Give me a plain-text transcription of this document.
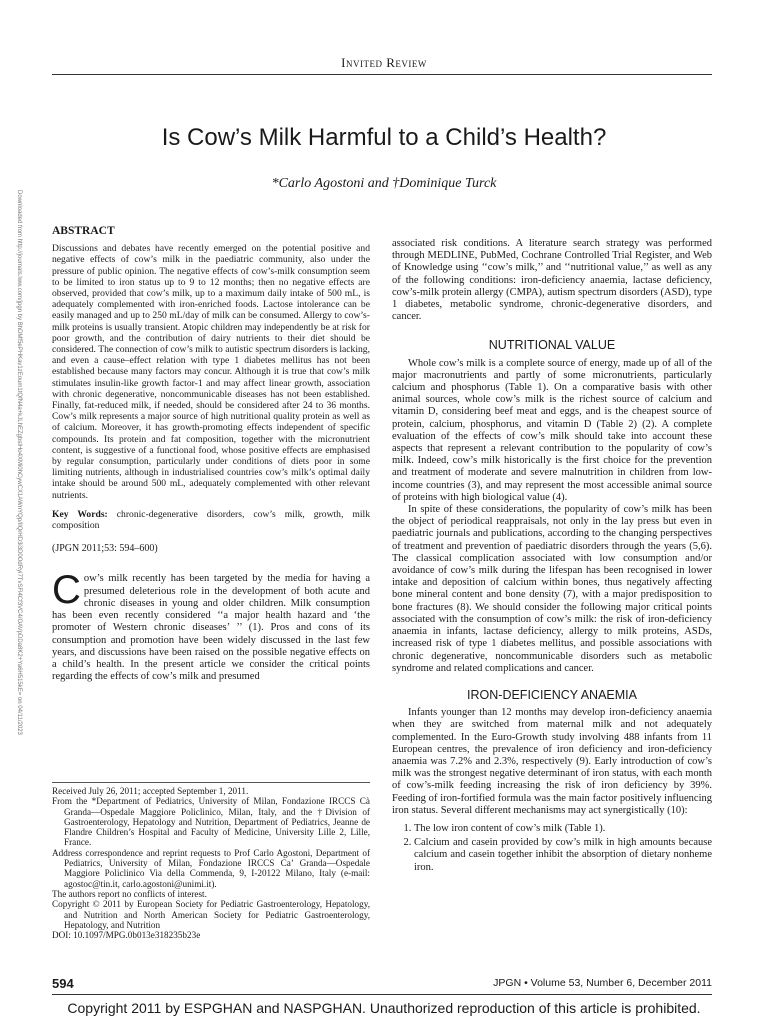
Invited Review
Is Cow’s Milk Harmful to a Child’s Health?
*Carlo Agostoni and †Dominique Turck
Downloaded from http://journals.lww.com/jpgn by BhDMf5ePHKav1zEoum1tQfN4a+kJLhEZgbsIHo4XMi0hCywCX1AWnYQp/IlQrHD3i3D0OdRyi7TvSFl4Cf3VC4/OAVpDDa8K2+Ya6H515kE= on 04/11/2023	ABSTRACT

Discussions and debates have recently emerged on the potential positive and negative effects of cow’s milk in the paediatric community, also under the pressure of public opinion. The negative effects of cow’s-milk consumption seem to be limited to iron status up to 9 to 12 months; then no negative effects are observed, provided that cow’s milk, up to a maximum daily intake of 500 mL, is adequately complemented with iron-enriched foods. Lactose intolerance can be easily managed and up to 250 mL/day of milk can be consumed. Allergy to cow’s-milk proteins is usually transient. Atopic children may independently be at risk for poor growth, and the contribution of dairy nutrients to their diet should be considered. The connection of cow’s milk to autistic spectrum disorders is lacking, and even a cause–effect relation with type 1 diabetes mellitus has not been established because many factors may concur. Although it is true that cow’s milk stimulates insulin-like growth factor-1 and may affect linear growth, association with chronic degenerative, noncommunicable diseases has not been established. Finally, fat-reduced milk, if needed, should be considered after 24 to 36 months. Cow’s milk represents a major source of high nutritional quality protein as well as of calcium. Moreover, it has growth-promoting effects independent of specific compounds. Its protein and fat composition, together with the micronutrient content, is suggestive of a functional food, whose positive effects are emphasised by regular consumption, particularly under conditions of diets poor in some limiting nutrients, although in industrialised countries cow’s milk’s optimal daily intake should be around 500 mL, adequately complemented with other relevant nutrients.

Key Words: chronic-degenerative disorders, cow’s milk, growth, milk composition

(JPGN 2011;53: 594–600)

Cow’s milk recently has been targeted by the media for having a presumed deleterious role in the development of both acute and chronic diseases in young and older children. Milk consumption has been even recently considered ‘‘a major health hazard and ‘the promoter of Western chronic diseases’ ’’ (1). Pros and cons of its consumption and promotion have been widely discussed in the last few years, and discussions have been raised on the possible negative effects on a child’s health. In the present article we consider the critical points regarding the effects of cow’s milk and presumed

Received July 26, 2011; accepted September 1, 2011.

From the *Department of Pediatrics, University of Milan, Fondazione IRCCS Cà Granda—Ospedale Maggiore Policlinico, Milan, Italy, and the †Division of Gastroenterology, Hepatology and Nutrition, Department of Pediatrics, Jeanne de Flandre Children’s Hospital and Faculty of Medicine, University Lille 2, Lille, France.

Address correspondence and reprint requests to Prof Carlo Agostoni, Department of Pediatrics, University of Milan, Fondazione IRCCS Ca’ Granda—Ospedale Maggiore Policlinico Via della Commenda, 9, I-20122 Milano, Italy (e-mail: agostoc@tin.it, carlo.agostoni@unimi.it).

The authors report no conflicts of interest.

Copyright © 2011 by European Society for Pediatric Gastroenterology, Hepatology, and Nutrition and North American Society for Pediatric Gastroenterology, Hepatology, and Nutrition

DOI: 10.1097/MPG.0b013e318235b23e

associated risk conditions. A literature search strategy was performed through MEDLINE, PubMed, Cochrane Controlled Trial Register, and Web of Knowledge using ‘‘cow’s milk,’’ and ‘‘nutritional value,’’ as well as any of the following conditions: iron-deficiency anaemia, lactase deficiency, cow’s-milk protein allergy (CMPA), autism spectrum disorders (ASD), type 1 diabetes, metabolic syndrome, chronic-degenerative disorders, and cancer.

NUTRITIONAL VALUE

Whole cow’s milk is a complete source of energy, made up of all of the major macronutrients and partly of some micronutrients, particularly calcium and phosphorus (Table 1). On a comparative basis with other animal sources, whole cow’s milk is the richest source of calcium and vitamin D, considering beef meat and eggs, and is the cheapest source of protein, calcium, phosphorus, and vitamin D (Table 2) (2). A complete evaluation of the effects of cow’s milk should take into account these aspects that represent a relevant contribution to the popularity of cow’s milk. Indeed, cow’s milk historically is the first choice for the prevention and treatment of moderate and severe malnutrition in children from low-income countries (3), and may represent the most accessible animal source of proteins with high biological value (4).

In spite of these considerations, the popularity of cow’s milk has been the object of periodical reappraisals, not only in the lay press but even in paediatric journals and publications, according to the changing perspectives of treatment and prevention of paediatric disorders through the years (5,6). The classical complication associated with low consumption and/or avoidance of cow’s milk during the lifespan has been recognised in lower intake and deposition of calcium within bones, thus negatively affecting bone mineral content and bone density (7), with a major predisposition to bone fractures (8). We should consider the following major critical points associated with the consumption of cow’s milk: the risk of iron-deficiency anaemia in infants, lactase deficiency, allergy to milk proteins, ASDs, increased risk of type 1 diabetes mellitus, and possible associations with chronic degenerative, noncommunicable disorders such as metabolic syndrome and related complications and cancer.

IRON-DEFICIENCY ANAEMIA

Infants younger than 12 months may develop iron-deficiency anaemia when they are switched from maternal milk and not adequately complemented. In the Euro-Growth study involving 488 infants from 11 European centres, the prevalence of iron deficiency and iron-deficiency anaemia was 7.2% and 2.3%, respectively (9). Early introduction of cow’s milk was the strongest negative determinant of iron status, with each month of cow’s-milk feeding increasing the risk of iron deficiency by 39%. Feeding of iron-fortified formula was the main factor positively influencing iron status. Several different mechanisms may act synergistically (10):

1. The low iron content of cow’s milk (Table 1).
2. Calcium and casein provided by cow’s milk in high amounts because calcium and casein together inhibit the absorption of dietary nonheme iron.
594	JPGN • Volume 53, Number 6, December 2011
Copyright 2011 by ESPGHAN and NASPGHAN. Unauthorized reproduction of this article is prohibited.
